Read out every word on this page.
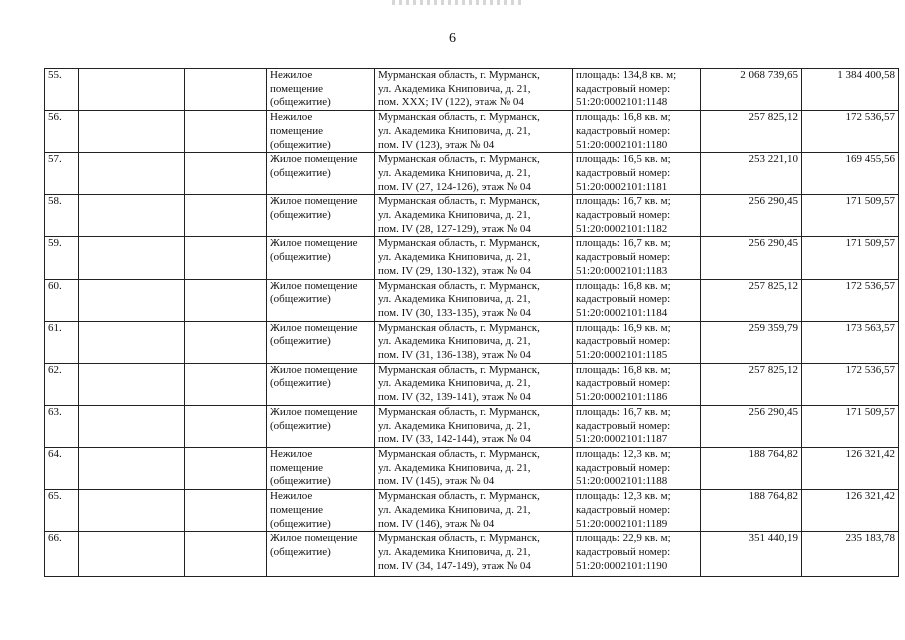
6
55.			Нежилое
помещение
(общежитие)	Мурманская область, г. Мурманск,
ул. Академика Книповича, д. 21,
пом. XXX; IV (122), этаж № 04	площадь: 134,8 кв. м;
кадастровый номер:
51:20:0002101:1148	2 068 739,65	1 384 400,58
56.			Нежилое
помещение
(общежитие)	Мурманская область, г. Мурманск,
ул. Академика Книповича, д. 21,
пом. IV (123), этаж № 04	площадь: 16,8 кв. м;
кадастровый номер:
51:20:0002101:1180	257 825,12	172 536,57
57.			Жилое помещение
(общежитие)	Мурманская область, г. Мурманск,
ул. Академика Книповича, д. 21,
пом. IV (27, 124-126), этаж № 04	площадь: 16,5 кв. м;
кадастровый номер:
51:20:0002101:1181	253 221,10	169 455,56
58.			Жилое помещение
(общежитие)	Мурманская область, г. Мурманск,
ул. Академика Книповича, д. 21,
пом. IV (28, 127-129), этаж № 04	площадь: 16,7 кв. м;
кадастровый номер:
51:20:0002101:1182	256 290,45	171 509,57
59.			Жилое помещение
(общежитие)	Мурманская область, г. Мурманск,
ул. Академика Книповича, д. 21,
пом. IV (29, 130-132), этаж № 04	площадь: 16,7 кв. м;
кадастровый номер:
51:20:0002101:1183	256 290,45	171 509,57
60.			Жилое помещение
(общежитие)	Мурманская область, г. Мурманск,
ул. Академика Книповича, д. 21,
пом. IV (30, 133-135), этаж № 04	площадь: 16,8 кв. м;
кадастровый номер:
51:20:0002101:1184	257 825,12	172 536,57
61.			Жилое помещение
(общежитие)	Мурманская область, г. Мурманск,
ул. Академика Книповича, д. 21,
пом. IV (31, 136-138), этаж № 04	площадь: 16,9 кв. м;
кадастровый номер:
51:20:0002101:1185	259 359,79	173 563,57
62.			Жилое помещение
(общежитие)	Мурманская область, г. Мурманск,
ул. Академика Книповича, д. 21,
пом. IV (32, 139-141), этаж № 04	площадь: 16,8 кв. м;
кадастровый номер:
51:20:0002101:1186	257 825,12	172 536,57
63.			Жилое помещение
(общежитие)	Мурманская область, г. Мурманск,
ул. Академика Книповича, д. 21,
пом. IV (33, 142-144), этаж № 04	площадь: 16,7 кв. м;
кадастровый номер:
51:20:0002101:1187	256 290,45	171 509,57
64.			Нежилое
помещение
(общежитие)	Мурманская область, г. Мурманск,
ул. Академика Книповича, д. 21,
пом. IV (145), этаж № 04	площадь: 12,3 кв. м;
кадастровый номер:
51:20:0002101:1188	188 764,82	126 321,42
65.			Нежилое
помещение
(общежитие)	Мурманская область, г. Мурманск,
ул. Академика Книповича, д. 21,
пом. IV (146), этаж № 04	площадь: 12,3 кв. м;
кадастровый номер:
51:20:0002101:1189	188 764,82	126 321,42
66.			Жилое помещение
(общежитие)	Мурманская область, г. Мурманск,
ул. Академика Книповича, д. 21,
пом. IV (34, 147-149), этаж № 04	площадь: 22,9 кв. м;
кадастровый номер:
51:20:0002101:1190	351 440,19	235 183,78
